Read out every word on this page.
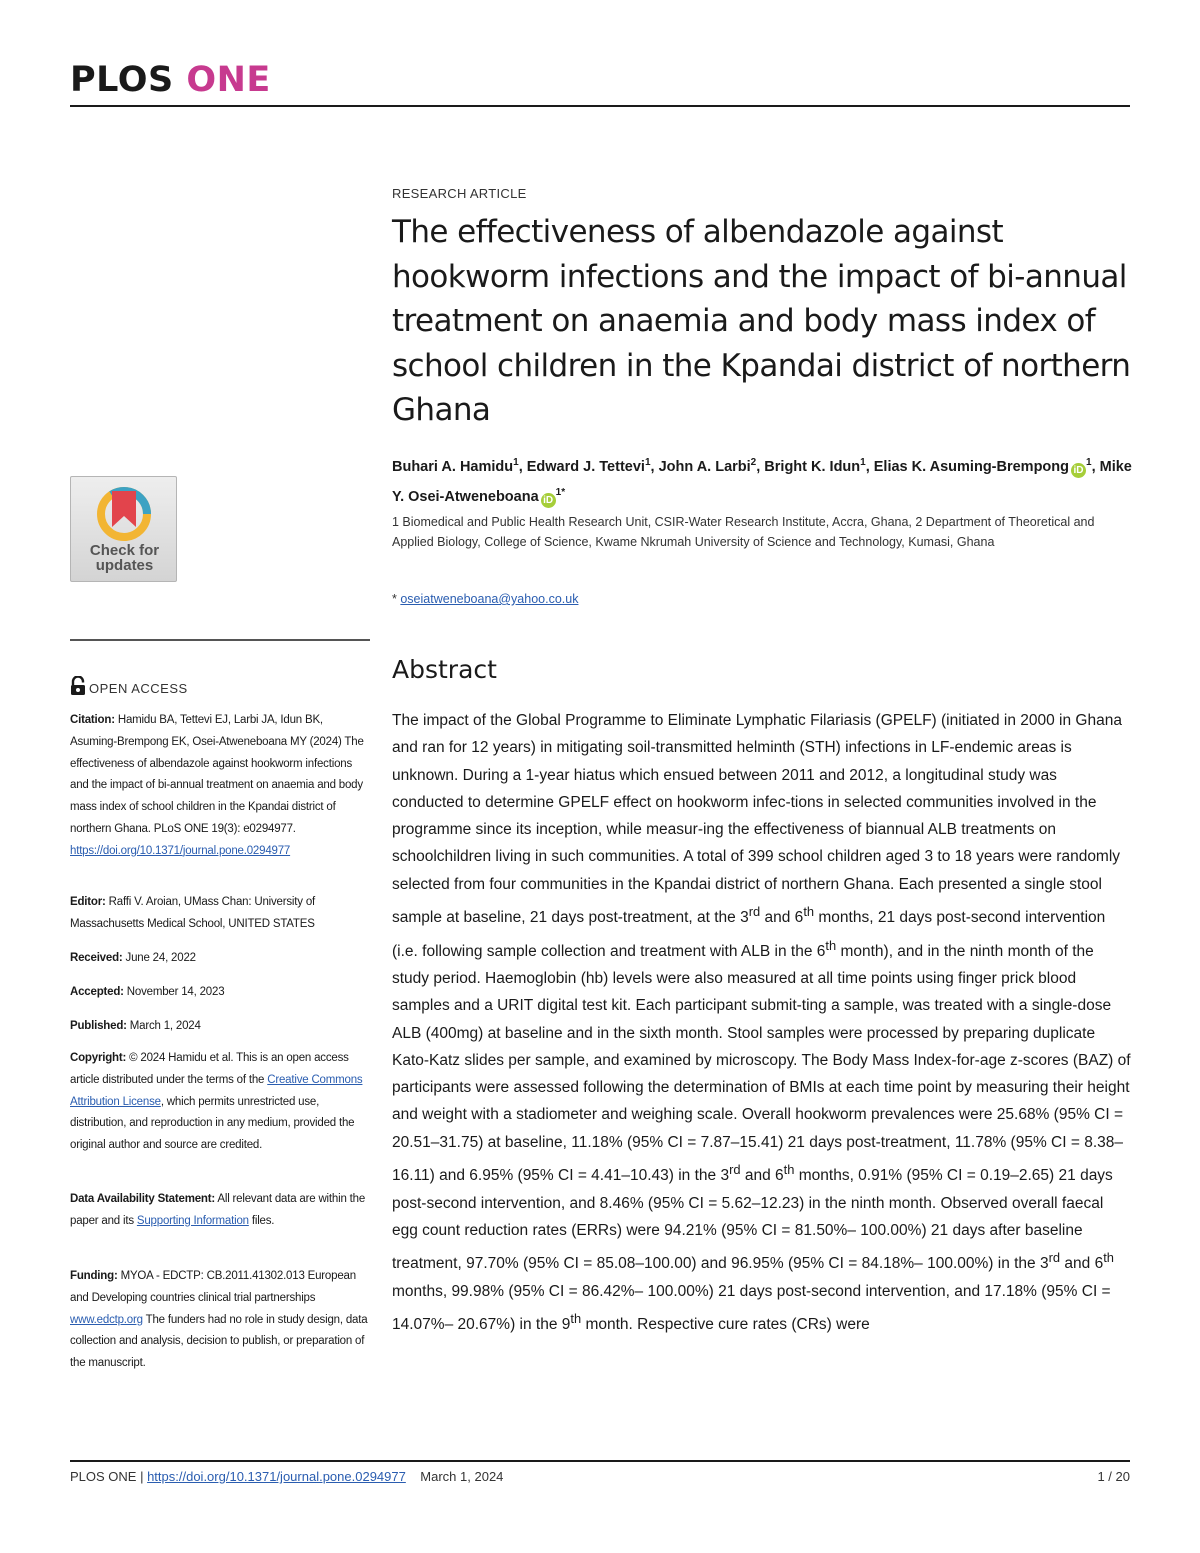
PLOS ONE
Check for
updates
OPEN ACCESS
Citation: Hamidu BA, Tettevi EJ, Larbi JA, Idun BK, Asuming-Brempong EK, Osei-Atweneboana MY (2024) The effectiveness of albendazole against hookworm infections and the impact of bi-annual treatment on anaemia and body mass index of school children in the Kpandai district of northern Ghana. PLoS ONE 19(3): e0294977. https://doi.org/10.1371/journal.pone.0294977
Editor: Raffi V. Aroian, UMass Chan: University of Massachusetts Medical School, UNITED STATES
Received: June 24, 2022
Accepted: November 14, 2023
Published: March 1, 2024
Copyright: © 2024 Hamidu et al. This is an open access article distributed under the terms of the Creative Commons Attribution License, which permits unrestricted use, distribution, and reproduction in any medium, provided the original author and source are credited.
Data Availability Statement: All relevant data are within the paper and its Supporting Information files.
Funding: MYOA - EDCTP: CB.2011.41302.013 European and Developing countries clinical trial partnerships www.edctp.org The funders had no role in study design, data collection and analysis, decision to publish, or preparation of the manuscript.
RESEARCH ARTICLE
The effectiveness of albendazole against hookworm infections and the impact of bi-annual treatment on anaemia and body mass index of school children in the Kpandai district of northern Ghana
Buhari A. Hamidu$^1$, Edward J. Tettevi$^1$, John A. Larbi$^2$, Bright K. Idun$^1$, Elias K. Asuming-Brempong $iD^1$, Mike Y. Osei-Atweneboana $iD^{1*}$
1 Biomedical and Public Health Research Unit, CSIR-Water Research Institute, Accra, Ghana, 2 Department of Theoretical and Applied Biology, College of Science, Kwame Nkrumah University of Science and Technology, Kumasi, Ghana
* oseiatweneboana@yahoo.co.uk
Abstract

The impact of the Global Programme to Eliminate Lymphatic Filariasis (GPELF) (initiated in 2000 in Ghana and ran for 12 years) in mitigating soil-transmitted helminth (STH) infections in LF-endemic areas is unknown. During a 1-year hiatus which ensued between 2011 and 2012, a longitudinal study was conducted to determine GPELF effect on hookworm infec-tions in selected communities involved in the programme since its inception, while measur-ing the effectiveness of biannual ALB treatments on schoolchildren living in such communities. A total of 399 school children aged 3 to 18 years were randomly selected from four communities in the Kpandai district of northern Ghana. Each presented a single stool sample at baseline, 21 days post-treatment, at the 3rd and 6th months, 21 days post-second intervention (i.e. following sample collection and treatment with ALB in the 6th month), and in the ninth month of the study period. Haemoglobin (hb) levels were also measured at all time points using finger prick blood samples and a URIT digital test kit. Each participant submit-ting a sample, was treated with a single-dose ALB (400mg) at baseline and in the sixth month. Stool samples were processed by preparing duplicate Kato-Katz slides per sample, and examined by microscopy. The Body Mass Index-for-age z-scores (BAZ) of participants were assessed following the determination of BMIs at each time point by measuring their height and weight with a stadiometer and weighing scale. Overall hookworm prevalences were 25.68% (95% CI = 20.51–31.75) at baseline, 11.18% (95% CI = 7.87–15.41) 21 days post-treatment, 11.78% (95% CI = 8.38–16.11) and 6.95% (95% CI = 4.41–10.43) in the 3rd and 6th months, 0.91% (95% CI = 0.19–2.65) 21 days post-second intervention, and 8.46% (95% CI = 5.62–12.23) in the ninth month. Observed overall faecal egg count reduction rates (ERRs) were 94.21% (95% CI = 81.50%– 100.00%) 21 days after baseline treatment, 97.70% (95% CI = 85.08–100.00) and 96.95% (95% CI = 84.18%– 100.00%) in the 3rd and 6th months, 99.98% (95% CI = 86.42%– 100.00%) 21 days post-second intervention, and 17.18% (95% CI = 14.07%– 20.67%) in the 9th month. Respective cure rates (CRs) were

PLOS ONE | https://doi.org/10.1371/journal.pone.0294977 March 1, 2024	1 / 20
